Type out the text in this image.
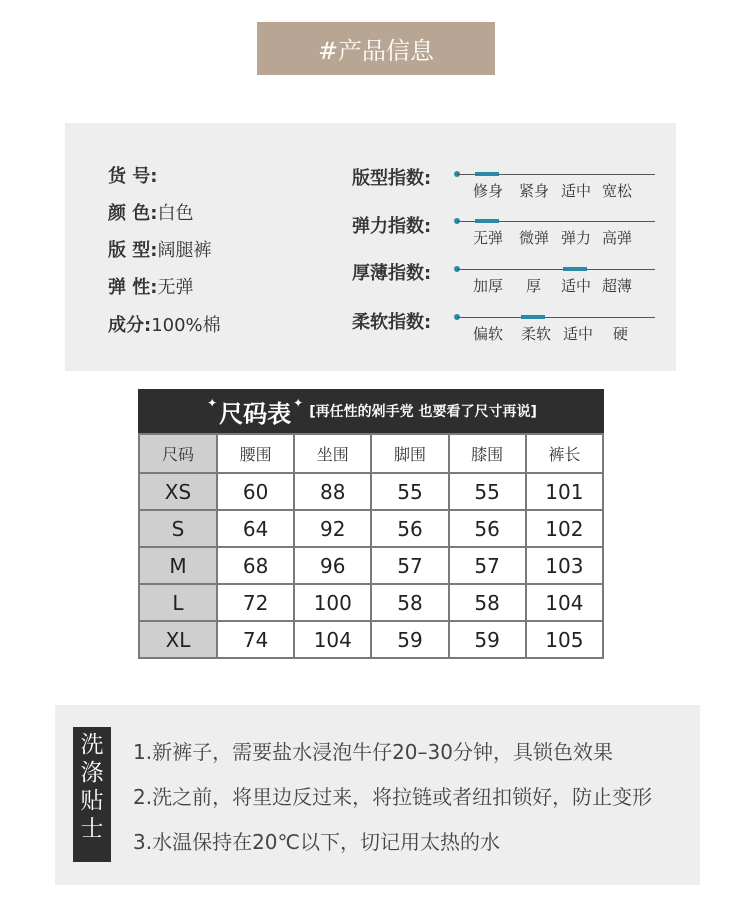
#产品信息
货 号:
颜 色:白色
版 型:阔腿裤
弹 性:无弹
成分:100%棉
版型指数:
修身 紧身 适中 宽松
弹力指数:
无弹 微弹 弹力 高弹
厚薄指数:
加厚 厚 适中 超薄
柔软指数:
偏软 柔软 适中 硬
✦ 尺码表 ✦
[再任性的剁手党 也要看了尺寸再说]
尺码	腰围	坐围	脚围	膝围	裤长
XS	60	88	55	55	101
S	64	92	56	56	102
M	68	96	57	57	103
L	72	100	58	58	104
XL	74	104	59	59	105
洗
涤
贴
士
1.新裤子，需要盐水浸泡牛仔20–30分钟，具锁色效果
2.洗之前，将里边反过来，将拉链或者纽扣锁好，防止变形
3.水温保持在20℃以下，切记用太热的水
